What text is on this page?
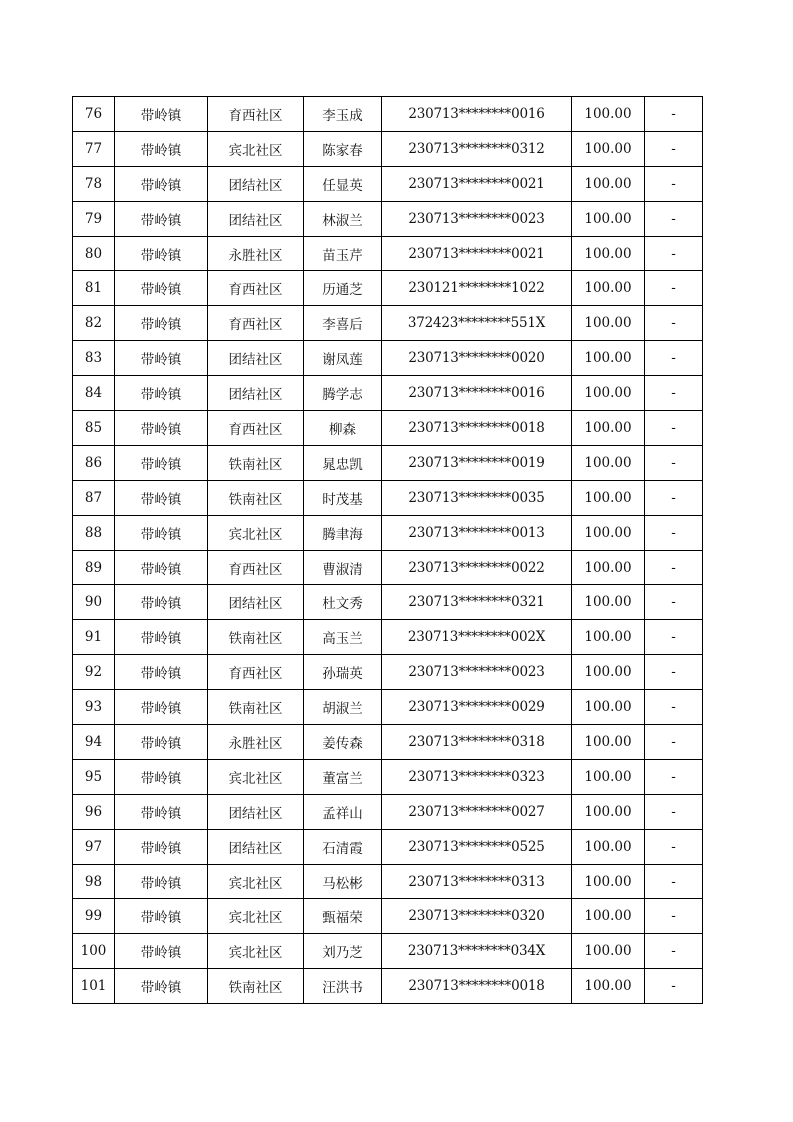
76	带岭镇	育西社区	李玉成	230713********0016	100.00	-
77	带岭镇	宾北社区	陈家春	230713********0312	100.00	-
78	带岭镇	团结社区	任显英	230713********0021	100.00	-
79	带岭镇	团结社区	林淑兰	230713********0023	100.00	-
80	带岭镇	永胜社区	苗玉芹	230713********0021	100.00	-
81	带岭镇	育西社区	历通芝	230121********1022	100.00	-
82	带岭镇	育西社区	李喜后	372423********551X	100.00	-
83	带岭镇	团结社区	谢凤莲	230713********0020	100.00	-
84	带岭镇	团结社区	腾学志	230713********0016	100.00	-
85	带岭镇	育西社区	柳森	230713********0018	100.00	-
86	带岭镇	铁南社区	晁忠凯	230713********0019	100.00	-
87	带岭镇	铁南社区	时茂基	230713********0035	100.00	-
88	带岭镇	宾北社区	腾聿海	230713********0013	100.00	-
89	带岭镇	育西社区	曹淑清	230713********0022	100.00	-
90	带岭镇	团结社区	杜文秀	230713********0321	100.00	-
91	带岭镇	铁南社区	高玉兰	230713********002X	100.00	-
92	带岭镇	育西社区	孙瑞英	230713********0023	100.00	-
93	带岭镇	铁南社区	胡淑兰	230713********0029	100.00	-
94	带岭镇	永胜社区	姜传森	230713********0318	100.00	-
95	带岭镇	宾北社区	董富兰	230713********0323	100.00	-
96	带岭镇	团结社区	孟祥山	230713********0027	100.00	-
97	带岭镇	团结社区	石清霞	230713********0525	100.00	-
98	带岭镇	宾北社区	马松彬	230713********0313	100.00	-
99	带岭镇	宾北社区	甄福荣	230713********0320	100.00	-
100	带岭镇	宾北社区	刘乃芝	230713********034X	100.00	-
101	带岭镇	铁南社区	汪洪书	230713********0018	100.00	-
